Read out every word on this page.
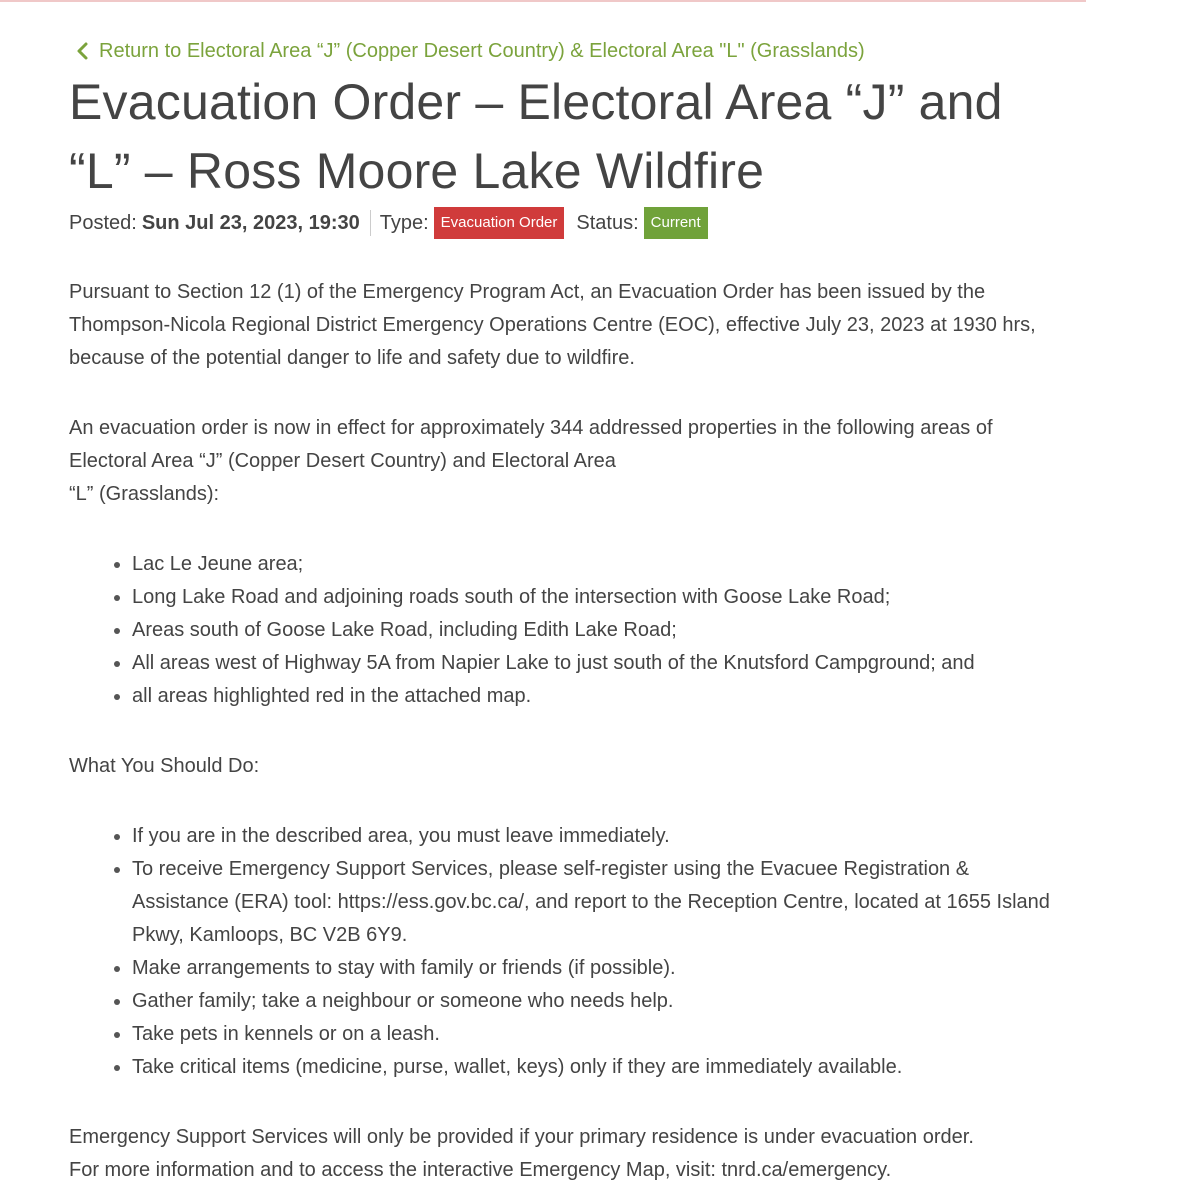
Return to Electoral Area “J” (Copper Desert Country) & Electoral Area "L" (Grasslands)
Evacuation Order – Electoral Area “J” and “L” – Ross Moore Lake Wildfire
Posted: Sun Jul 23, 2023, 19:30 Type: Evacuation Order Status: Current

Pursuant to Section 12 (1) of the Emergency Program Act, an Evacuation Order has been issued by the Thompson-Nicola Regional District Emergency Operations Centre (EOC), effective July 23, 2023 at 1930 hrs, because of the potential danger to life and safety due to wildfire.

An evacuation order is now in effect for approximately 344 addressed properties in the following areas of Electoral Area “J” (Copper Desert Country) and Electoral Area
“L” (Grasslands):

• Lac Le Jeune area;
• Long Lake Road and adjoining roads south of the intersection with Goose Lake Road;
• Areas south of Goose Lake Road, including Edith Lake Road;
• All areas west of Highway 5A from Napier Lake to just south of the Knutsford Campground; and
• all areas highlighted red in the attached map.

What You Should Do:

• If you are in the described area, you must leave immediately.
• To receive Emergency Support Services, please self-register using the Evacuee Registration & Assistance (ERA) tool: https://ess.gov.bc.ca/, and report to the Reception Centre, located at 1655 Island Pkwy, Kamloops, BC V2B 6Y9.
• Make arrangements to stay with family or friends (if possible).
• Gather family; take a neighbour or someone who needs help.
• Take pets in kennels or on a leash.
• Take critical items (medicine, purse, wallet, keys) only if they are immediately available.

Emergency Support Services will only be provided if your primary residence is under evacuation order.
For more information and to access the interactive Emergency Map, visit: tnrd.ca/emergency.
